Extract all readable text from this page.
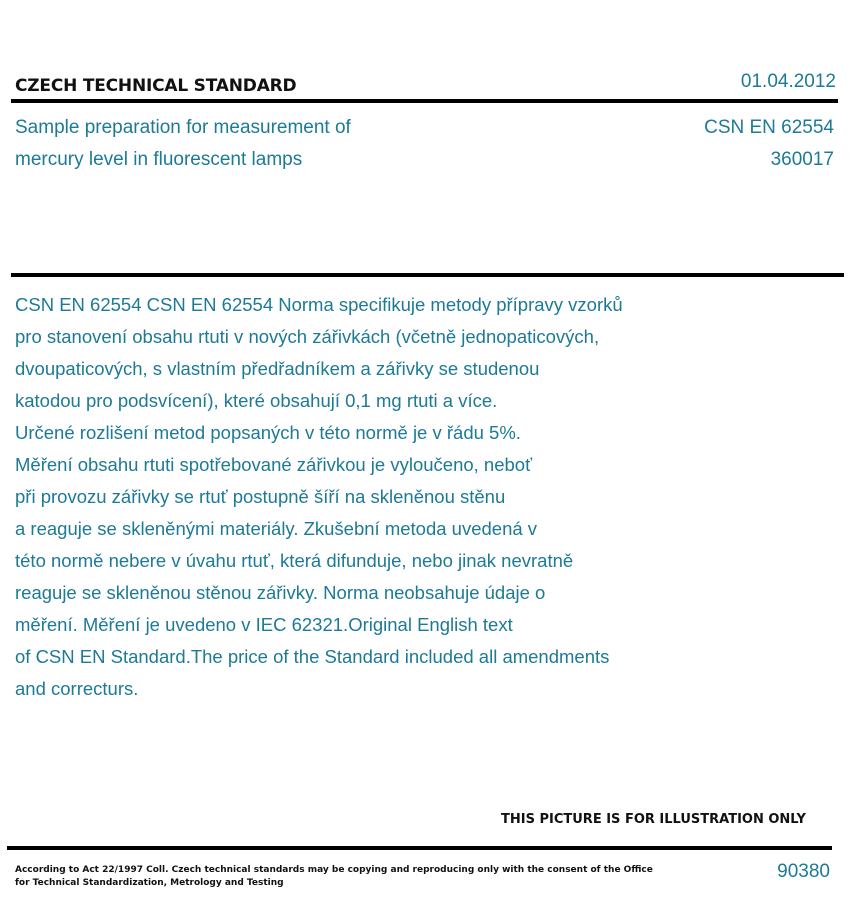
CZECH TECHNICAL STANDARD	01.04.2012
Sample preparation for measurement of
mercury level in fluorescent lamps
CSN EN 62554
360017
CSN EN 62554 CSN EN 62554 Norma specifikuje metody přípravy vzorků
pro stanovení obsahu rtuti v nových zářivkách (včetně jednopaticových,
dvoupaticových, s vlastním předřadníkem a zářivky se studenou
katodou pro podsvícení), které obsahují 0,1 mg rtuti a více.
Určené rozlišení metod popsaných v této normě je v řádu 5%.
Měření obsahu rtuti spotřebované zářivkou je vyloučeno, neboť
při provozu zářivky se rtuť postupně šíří na skleněnou stěnu
a reaguje se skleněnými materiály. Zkušební metoda uvedená v
této normě nebere v úvahu rtuť, která difunduje, nebo jinak nevratně
reaguje se skleněnou stěnou zářivky. Norma neobsahuje údaje o
měření. Měření je uvedeno v IEC 62321.Original English text
of CSN EN Standard.The price of the Standard included all amendments
and correcturs.
THIS PICTURE IS FOR ILLUSTRATION ONLY
According to Act 22/1997 Coll. Czech technical standards may be copying and reproducing only with the consent of the Office
for Technical Standardization, Metrology and Testing
90380
